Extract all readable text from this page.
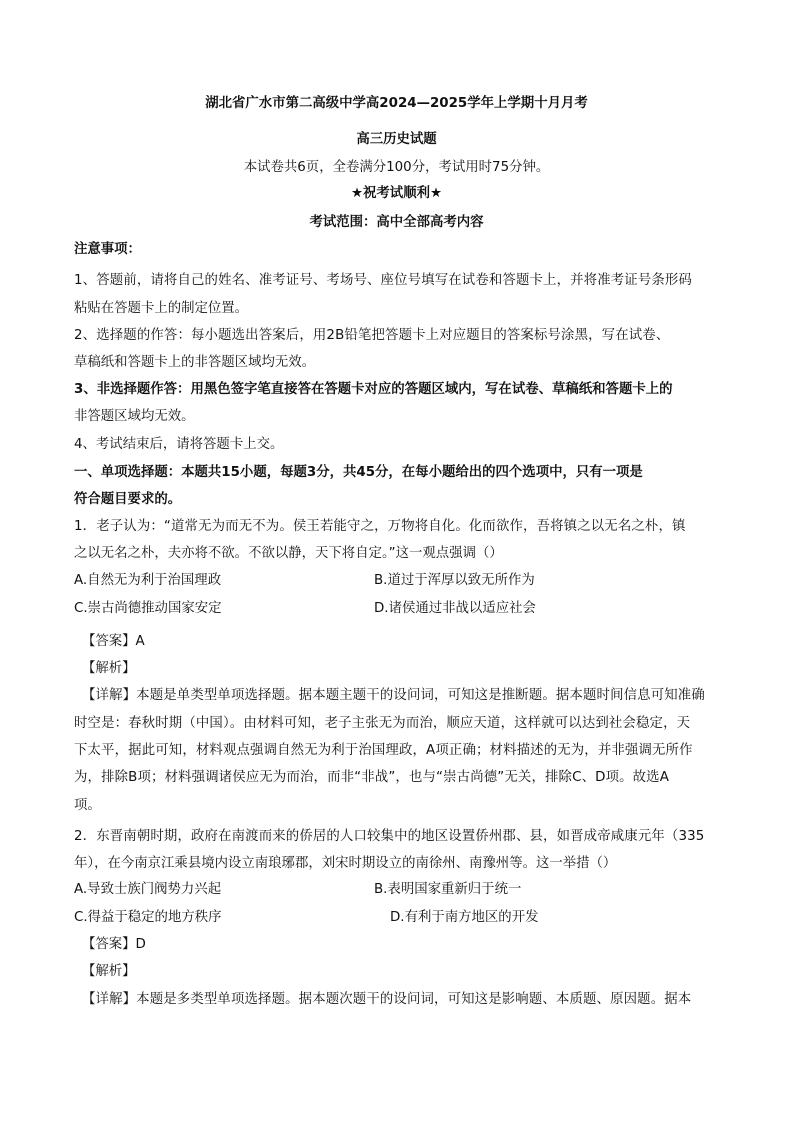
湖北省广水市第二高级中学高2024—2025学年上学期十月月考
高三历史试题
本试卷共6页，全卷满分100分，考试用时75分钟。
★祝考试顺利★
考试范围：高中全部高考内容
注意事项：
1、答题前，请将自己的姓名、准考证号、考场号、座位号填写在试卷和答题卡上，并将准考证号条形码
粘贴在答题卡上的制定位置。
2、选择题的作答：每小题选出答案后，用2B铅笔把答题卡上对应题目的答案标号涂黑，写在试卷、
草稿纸和答题卡上的非答题区域均无效。
3、非选择题作答：用黑色签字笔直接答在答题卡对应的答题区域内，写在试卷、草稿纸和答题卡上的
非答题区域均无效。
4、考试结束后，请将答题卡上交。
一、单项选择题：本题共15小题，每题3分，共45分，在每小题给出的四个选项中，只有一项是
符合题目要求的。
1．老子认为：“道常无为而无不为。侯王若能守之，万物将自化。化而欲作，吾将镇之以无名之朴，镇
之以无名之朴，夫亦将不欲。不欲以静，天下将自定。”这一观点强调（）
A.自然无为利于治国理政	B.道过于浑厚以致无所作为
C.崇古尚德推动国家安定	D.诸侯通过非战以适应社会
【答案】A
【解析】
【详解】本题是单类型单项选择题。据本题主题干的设问词，可知这是推断题。据本题时间信息可知准确
时空是：春秋时期（中国）。由材料可知，老子主张无为而治，顺应天道，这样就可以达到社会稳定，天
下太平，据此可知，材料观点强调自然无为利于治国理政，A项正确；材料描述的无为，并非强调无所作
为，排除B项；材料强调诸侯应无为而治，而非“非战”，也与“崇古尚德”无关，排除C、D项。故选A
项。
2．东晋南朝时期，政府在南渡而来的侨居的人口较集中的地区设置侨州郡、县，如晋成帝咸康元年（335
年），在今南京江乘县境内设立南琅琊郡，刘宋时期设立的南徐州、南豫州等。这一举措（）
A.导致士族门阀势力兴起	B.表明国家重新归于统一
C.得益于稳定的地方秩序	D.有利于南方地区的开发
【答案】D
【解析】
【详解】本题是多类型单项选择题。据本题次题干的设问词，可知这是影响题、本质题、原因题。据本
